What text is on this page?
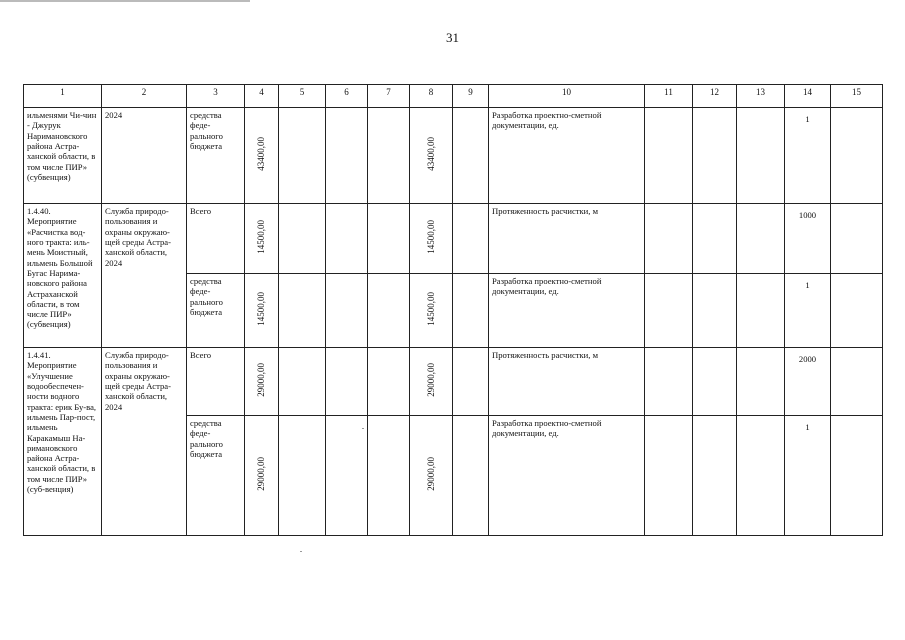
31
1	2	3	4	5	6	7	8	9	10	11	12	13	14	15
ильменями Чи-чин - Джурук Наримановского района Астра-ханской области, в том числе ПИР» (субвенция)	2024	средства феде-рального бюджета	43400,00				43400,00		Разработка проектно-сметной документации, ед.				1	
1.4.40. Мероприятие «Расчистка вод-ного тракта: иль-мень Моистный, ильмень Большой Бугас Нарима-новского района Астраханской области, в том числе ПИР» (субвенция)	Служба природо-пользования и охраны окружаю-щей среды Астра-ханской области, 2024	Всего	14500,00				14500,00		Протяженность расчистки, м				1000	
		средства феде-рального бюджета	14500,00				14500,00		Разработка проектно-сметной документации, ед.				1	
1.4.41. Мероприятие «Улучшение водообеспечен-ности водного тракта: ерик Бу-ва, ильмень Пар-пост, ильмень Каракамыш На-римановского района Астра-ханской области, в том числе ПИР» (суб-венция)	Служба природо-пользования и охраны окружаю-щей среды Астра-ханской области, 2024	Всего	29000,00				29000,00		Протяженность расчистки, м				2000	
		средства феде-рального бюджета	29000,00				29000,00		Разработка проектно-сметной документации, ед.				1	
